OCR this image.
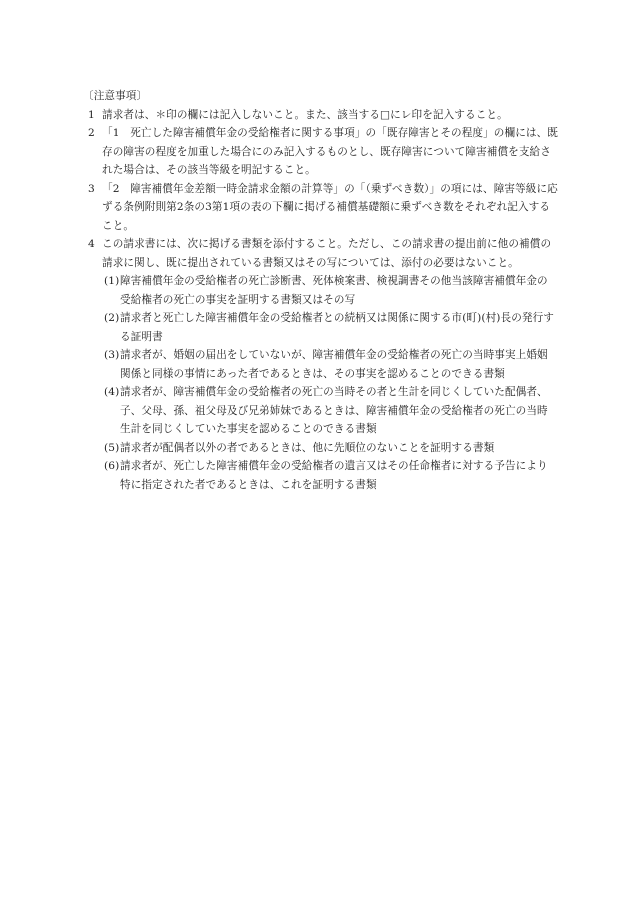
〔注意事項〕
1 請求者は、＊印の欄には記入しないこと。また、該当する□にレ印を記入すること。
2 「1　死亡した障害補償年金の受給権者に関する事項」の「既存障害とその程度」の欄には、既存の障害の程度を加重した場合にのみ記入するものとし、既存障害について障害補償を支給された場合は、その該当等級を明記すること。
3 「2　障害補償年金差額一時金請求金額の計算等」の「（乗ずべき数）」の項には、障害等級に応ずる条例附則第2条の3第1項の表の下欄に掲げる補償基礎額に乗ずべき数をそれぞれ記入すること。
4 この請求書には、次に掲げる書類を添付すること。ただし、この請求書の提出前に他の補償の請求に関し、既に提出されている書類又はその写については、添付の必要はないこと。
(1) 障害補償年金の受給権者の死亡診断書、死体検案書、検視調書その他当該障害補償年金の受給権者の死亡の事実を証明する書類又はその写
(2) 請求者と死亡した障害補償年金の受給権者との続柄又は関係に関する市(町)(村)長の発行する証明書
(3) 請求者が、婚姻の届出をしていないが、障害補償年金の受給権者の死亡の当時事実上婚姻関係と同様の事情にあった者であるときは、その事実を認めることのできる書類
(4) 請求者が、障害補償年金の受給権者の死亡の当時その者と生計を同じくしていた配偶者、子、父母、孫、祖父母及び兄弟姉妹であるときは、障害補償年金の受給権者の死亡の当時生計を同じくしていた事実を認めることのできる書類
(5) 請求者が配偶者以外の者であるときは、他に先順位のないことを証明する書類
(6) 請求者が、死亡した障害補償年金の受給権者の遺言又はその任命権者に対する予告により特に指定された者であるときは、これを証明する書類
